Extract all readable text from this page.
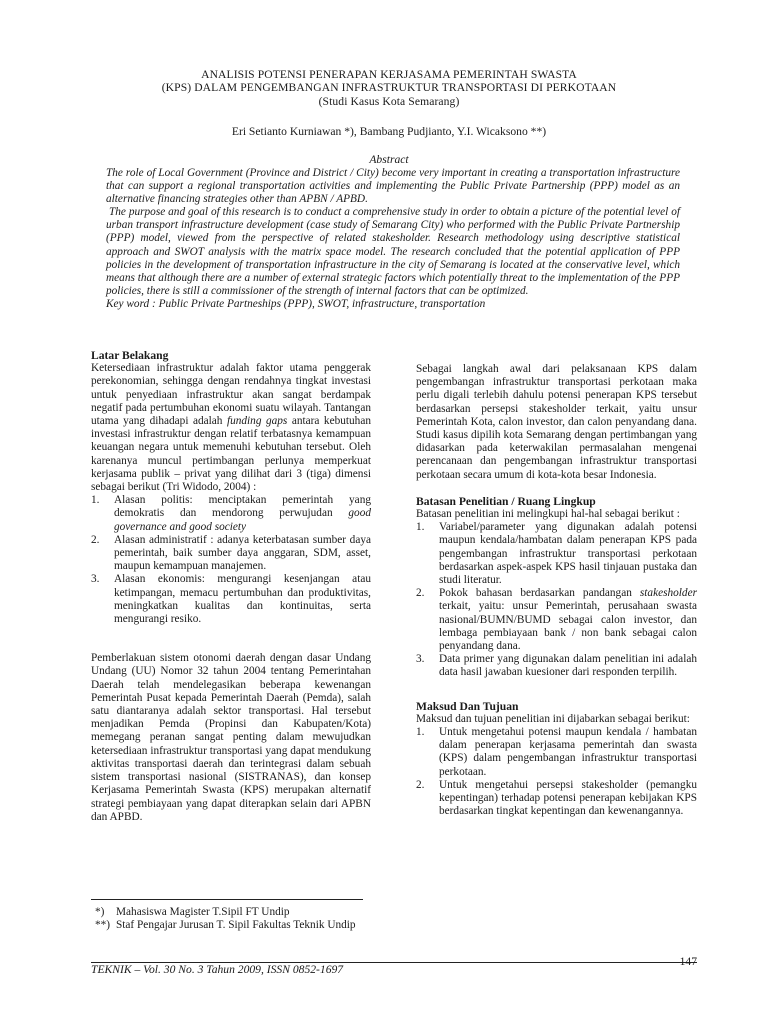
ANALISIS POTENSI PENERAPAN KERJASAMA PEMERINTAH SWASTA
(KPS) DALAM PENGEMBANGAN INFRASTRUKTUR TRANSPORTASI DI PERKOTAAN
(Studi Kasus Kota Semarang)
Eri Setianto Kurniawan *), Bambang Pudjianto, Y.I. Wicaksono **)
Abstract

The role of Local Government (Province and District / City) become very important in creating a transportation infrastructure that can support a regional transportation activities and implementing the Public Private Partnership (PPP) model as an alternative financing strategies other than APBN / APBD.

The purpose and goal of this research is to conduct a comprehensive study in order to obtain a picture of the potential level of urban transport infrastructure development (case study of Semarang City) who performed with the Public Private Partnership (PPP) model, viewed from the perspective of related stakesholder. Research methodology using descriptive statistical approach and SWOT analysis with the matrix space model. The research concluded that the potential application of PPP policies in the development of transportation infrastructure in the city of Semarang is located at the conservative level, which means that although there are a number of external strategic factors which potentially threat to the implementation of the PPP policies, there is still a commissioner of the strength of internal factors that can be optimized.

Key word : Public Private Partneships (PPP), SWOT, infrastructure, transportation

Latar Belakang

Ketersediaan infrastruktur adalah faktor utama penggerak perekonomian, sehingga dengan rendahnya tingkat investasi untuk penyediaan infrastruktur akan sangat berdampak negatif pada pertumbuhan ekonomi suatu wilayah. Tantangan utama yang dihadapi adalah funding gaps antara kebutuhan investasi infrastruktur dengan relatif terbatasnya kemampuan keuangan negara untuk memenuhi kebutuhan tersebut. Oleh karenanya muncul pertimbangan perlunya memperkuat kerjasama publik – privat yang dilihat dari 3 (tiga) dimensi sebagai berikut (Tri Widodo, 2004) :

1. Alasan politis: menciptakan pemerintah yang demokratis dan mendorong perwujudan good governance and good society
2. Alasan administratif : adanya keterbatasan sumber daya pemerintah, baik sumber daya anggaran, SDM, asset, maupun kemampuan manajemen.
3. Alasan ekonomis: mengurangi kesenjangan atau ketimpangan, memacu pertumbuhan dan produktivitas, meningkatkan kualitas dan kontinuitas, serta mengurangi resiko.

Pemberlakuan sistem otonomi daerah dengan dasar Undang Undang (UU) Nomor 32 tahun 2004 tentang Pemerintahan Daerah telah mendelegasikan beberapa kewenangan Pemerintah Pusat kepada Pemerintah Daerah (Pemda), salah satu diantaranya adalah sektor transportasi. Hal tersebut menjadikan Pemda (Propinsi dan Kabupaten/Kota) memegang peranan sangat penting dalam mewujudkan ketersediaan infrastruktur transportasi yang dapat mendukung aktivitas transportasi daerah dan terintegrasi dalam sebuah sistem transportasi nasional (SISTRANAS), dan konsep Kerjasama Pemerintah Swasta (KPS) merupakan alternatif strategi pembiayaan yang dapat diterapkan selain dari APBN dan APBD.

Sebagai langkah awal dari pelaksanaan KPS dalam pengembangan infrastruktur transportasi perkotaan maka perlu digali terlebih dahulu potensi penerapan KPS tersebut berdasarkan persepsi stakesholder terkait, yaitu unsur Pemerintah Kota, calon investor, dan calon penyandang dana. Studi kasus dipilih kota Semarang dengan pertimbangan yang didasarkan pada keterwakilan permasalahan mengenai perencanaan dan pengembangan infrastruktur transportasi perkotaan secara umum di kota-kota besar Indonesia.

Batasan Penelitian / Ruang Lingkup

Batasan penelitian ini melingkupi hal-hal sebagai berikut :

1. Variabel/parameter yang digunakan adalah potensi maupun kendala/hambatan dalam penerapan KPS pada pengembangan infrastruktur transportasi perkotaan berdasarkan aspek-aspek KPS hasil tinjauan pustaka dan studi literatur.
2. Pokok bahasan berdasarkan pandangan stakesholder terkait, yaitu: unsur Pemerintah, perusahaan swasta nasional/BUMN/BUMD sebagai calon investor, dan lembaga pembiayaan bank / non bank sebagai calon penyandang dana.
3. Data primer yang digunakan dalam penelitian ini adalah data hasil jawaban kuesioner dari responden terpilih.

Maksud Dan Tujuan

Maksud dan tujuan penelitian ini dijabarkan sebagai berikut:

1. Untuk mengetahui potensi maupun kendala / hambatan dalam penerapan kerjasama pemerintah dan swasta (KPS) dalam pengembangan infrastruktur transportasi perkotaan.
2. Untuk mengetahui persepsi stakesholder (pemangku kepentingan) terhadap potensi penerapan kebijakan KPS berdasarkan tingkat kepentingan dan kewenangannya.
*) Mahasiswa Magister T.Sipil FT Undip
**) Staf Pengajar Jurusan T. Sipil Fakultas Teknik Undip
TEKNIK – Vol. 30 No. 3 Tahun 2009, ISSN 0852-1697
147
